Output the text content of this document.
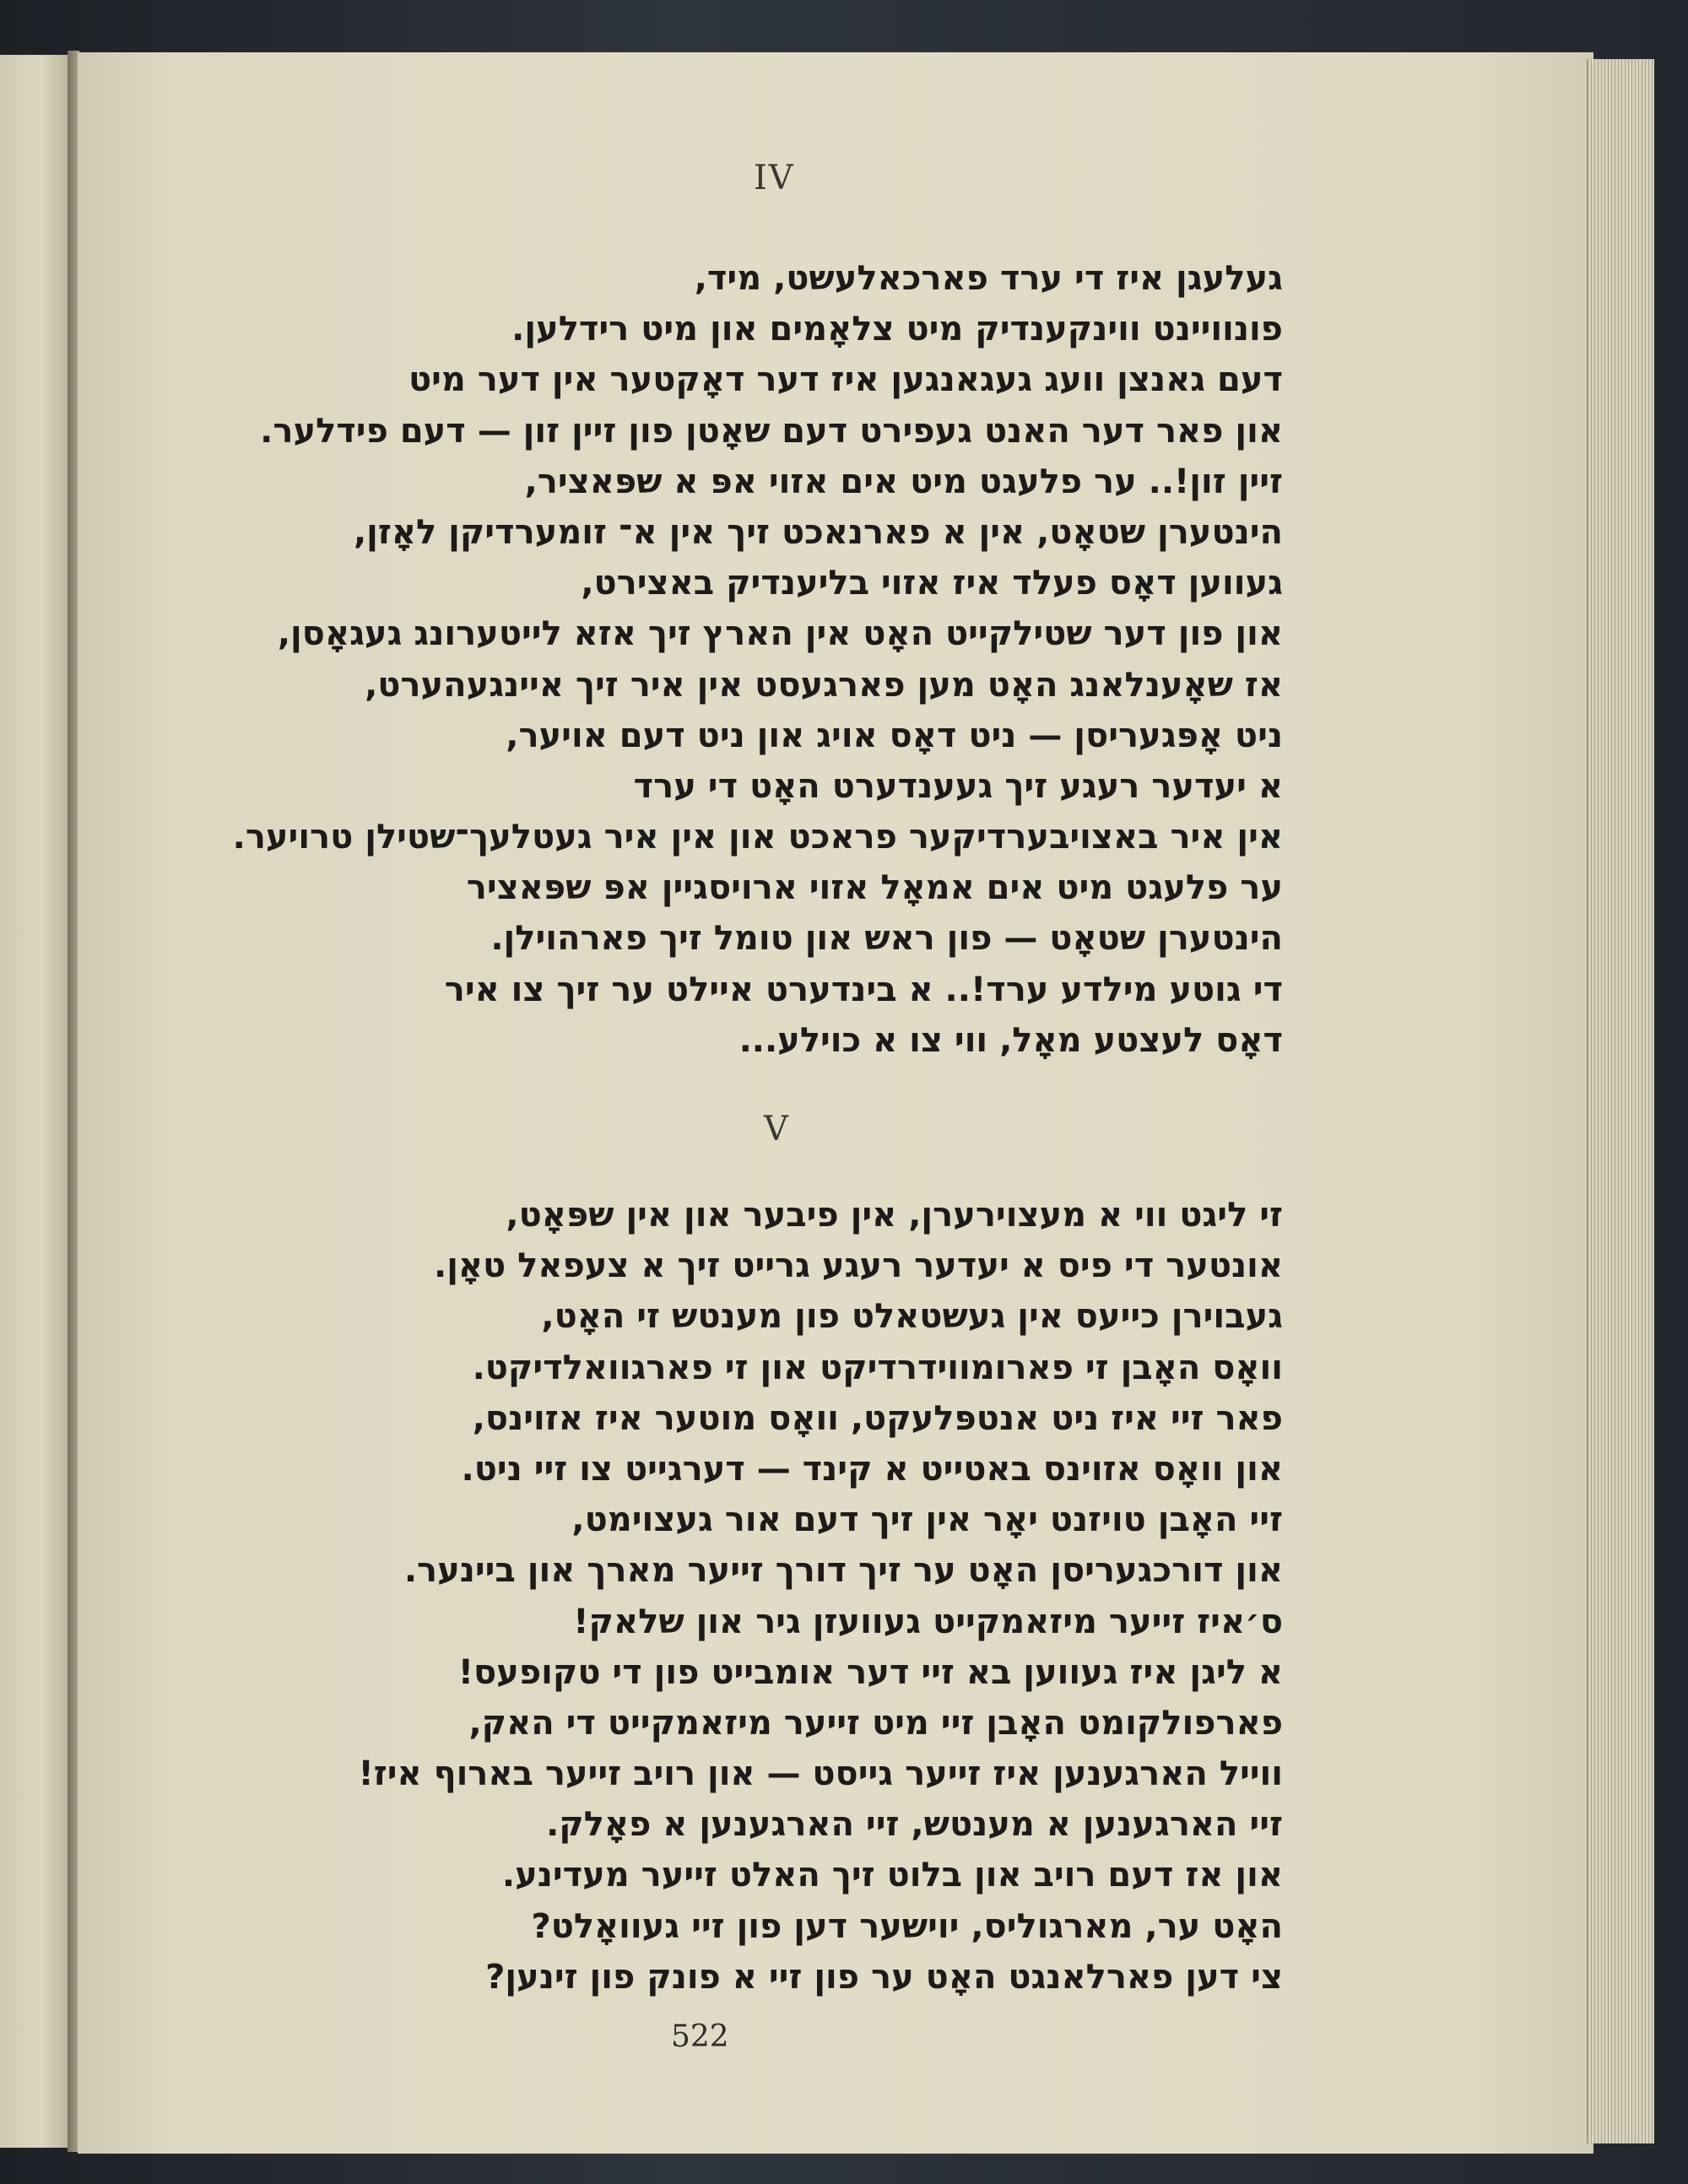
IV
געלעגן איז די ערד פארכאלעשט, מיד,
פונוויינט ווינקענדיק מיט צלאָמים און מיט רידלען.
דעם גאנצן וועג געגאנגען איז דער דאָקטער אין דער מיט
און פאר דער האנט געפירט דעם שאָטן פון זיין זון — דעם פידלער.
זיין זון!.. ער פלעגט מיט אים אזוי אפּ א שפּאציר,
הינטערן שטאָט, אין א פארנאכט זיך אין א־ זומערדיקן לאָזן,
געווען דאָס פעלד איז אזוי בליענדיק באצירט,
און פון דער שטילקייט האָט אין הארץ זיך אזא לייטערונג געגאָסן,
אז שאָענלאנג האָט מען פארגעסט אין איר זיך איינגעהערט,
ניט אָפּגעריסן — ניט דאָס אויג און ניט דעם אויער,
א יעדער רעגע זיך געענדערט האָט די ערד
אין איר באצויבערדיקער פראכט און אין איר געטלעך־שטילן טרויער.
ער פלעגט מיט אים אמאָל אזוי ארויסגיין אפּ שפּאציר
הינטערן שטאָט — פון ראש און טומל זיך פארהוילן.
די גוטע מילדע ערד!.. א בינדערט איילט ער זיך צו איר
דאָס לעצטע מאָל, ווי צו א כוילע...
V
זי ליגט ווי א מעצוירערן, אין פיבער און אין שפּאָט,
אונטער די פיס א יעדער רעגע גרייט זיך א צעפאל טאָן.
געבוירן כייעס אין געשטאלט פון מענטש זי האָט,
וואָס האָבן זי פארומווידרדיקט און זי פארגוואלדיקט.
פאר זיי איז ניט אנטפּלעקט, וואָס מוטער איז אזוינס,
און וואָס אזוינס באטייט א קינד — דערגייט צו זיי ניט.
זיי האָבן טויזנט יאָר אין זיך דעם אור געצוימט,
און דורכגעריסן האָט ער זיך דורך זייער מארך און ביינער.
ס׳איז זייער מיזאמקייט געוועזן גיר און שלאק!
א ליגן איז געווען בא זיי דער אומבייט פון די טקופעס!
פארפולקומט האָבן זיי מיט זייער מיזאמקייט די האק,
ווייל הארגענען איז זייער גייסט — און רויב זייער בארוף איז!
זיי הארגענען א מענטש, זיי הארגענען א פאָלק.
און אז דעם רויב און בלוט זיך האלט זייער מעדינע.
האָט ער, מארגוליס, יוישער דען פון זיי געוואָלט?
צי דען פארלאנגט האָט ער פון זיי א פונק פון זינען?
522
